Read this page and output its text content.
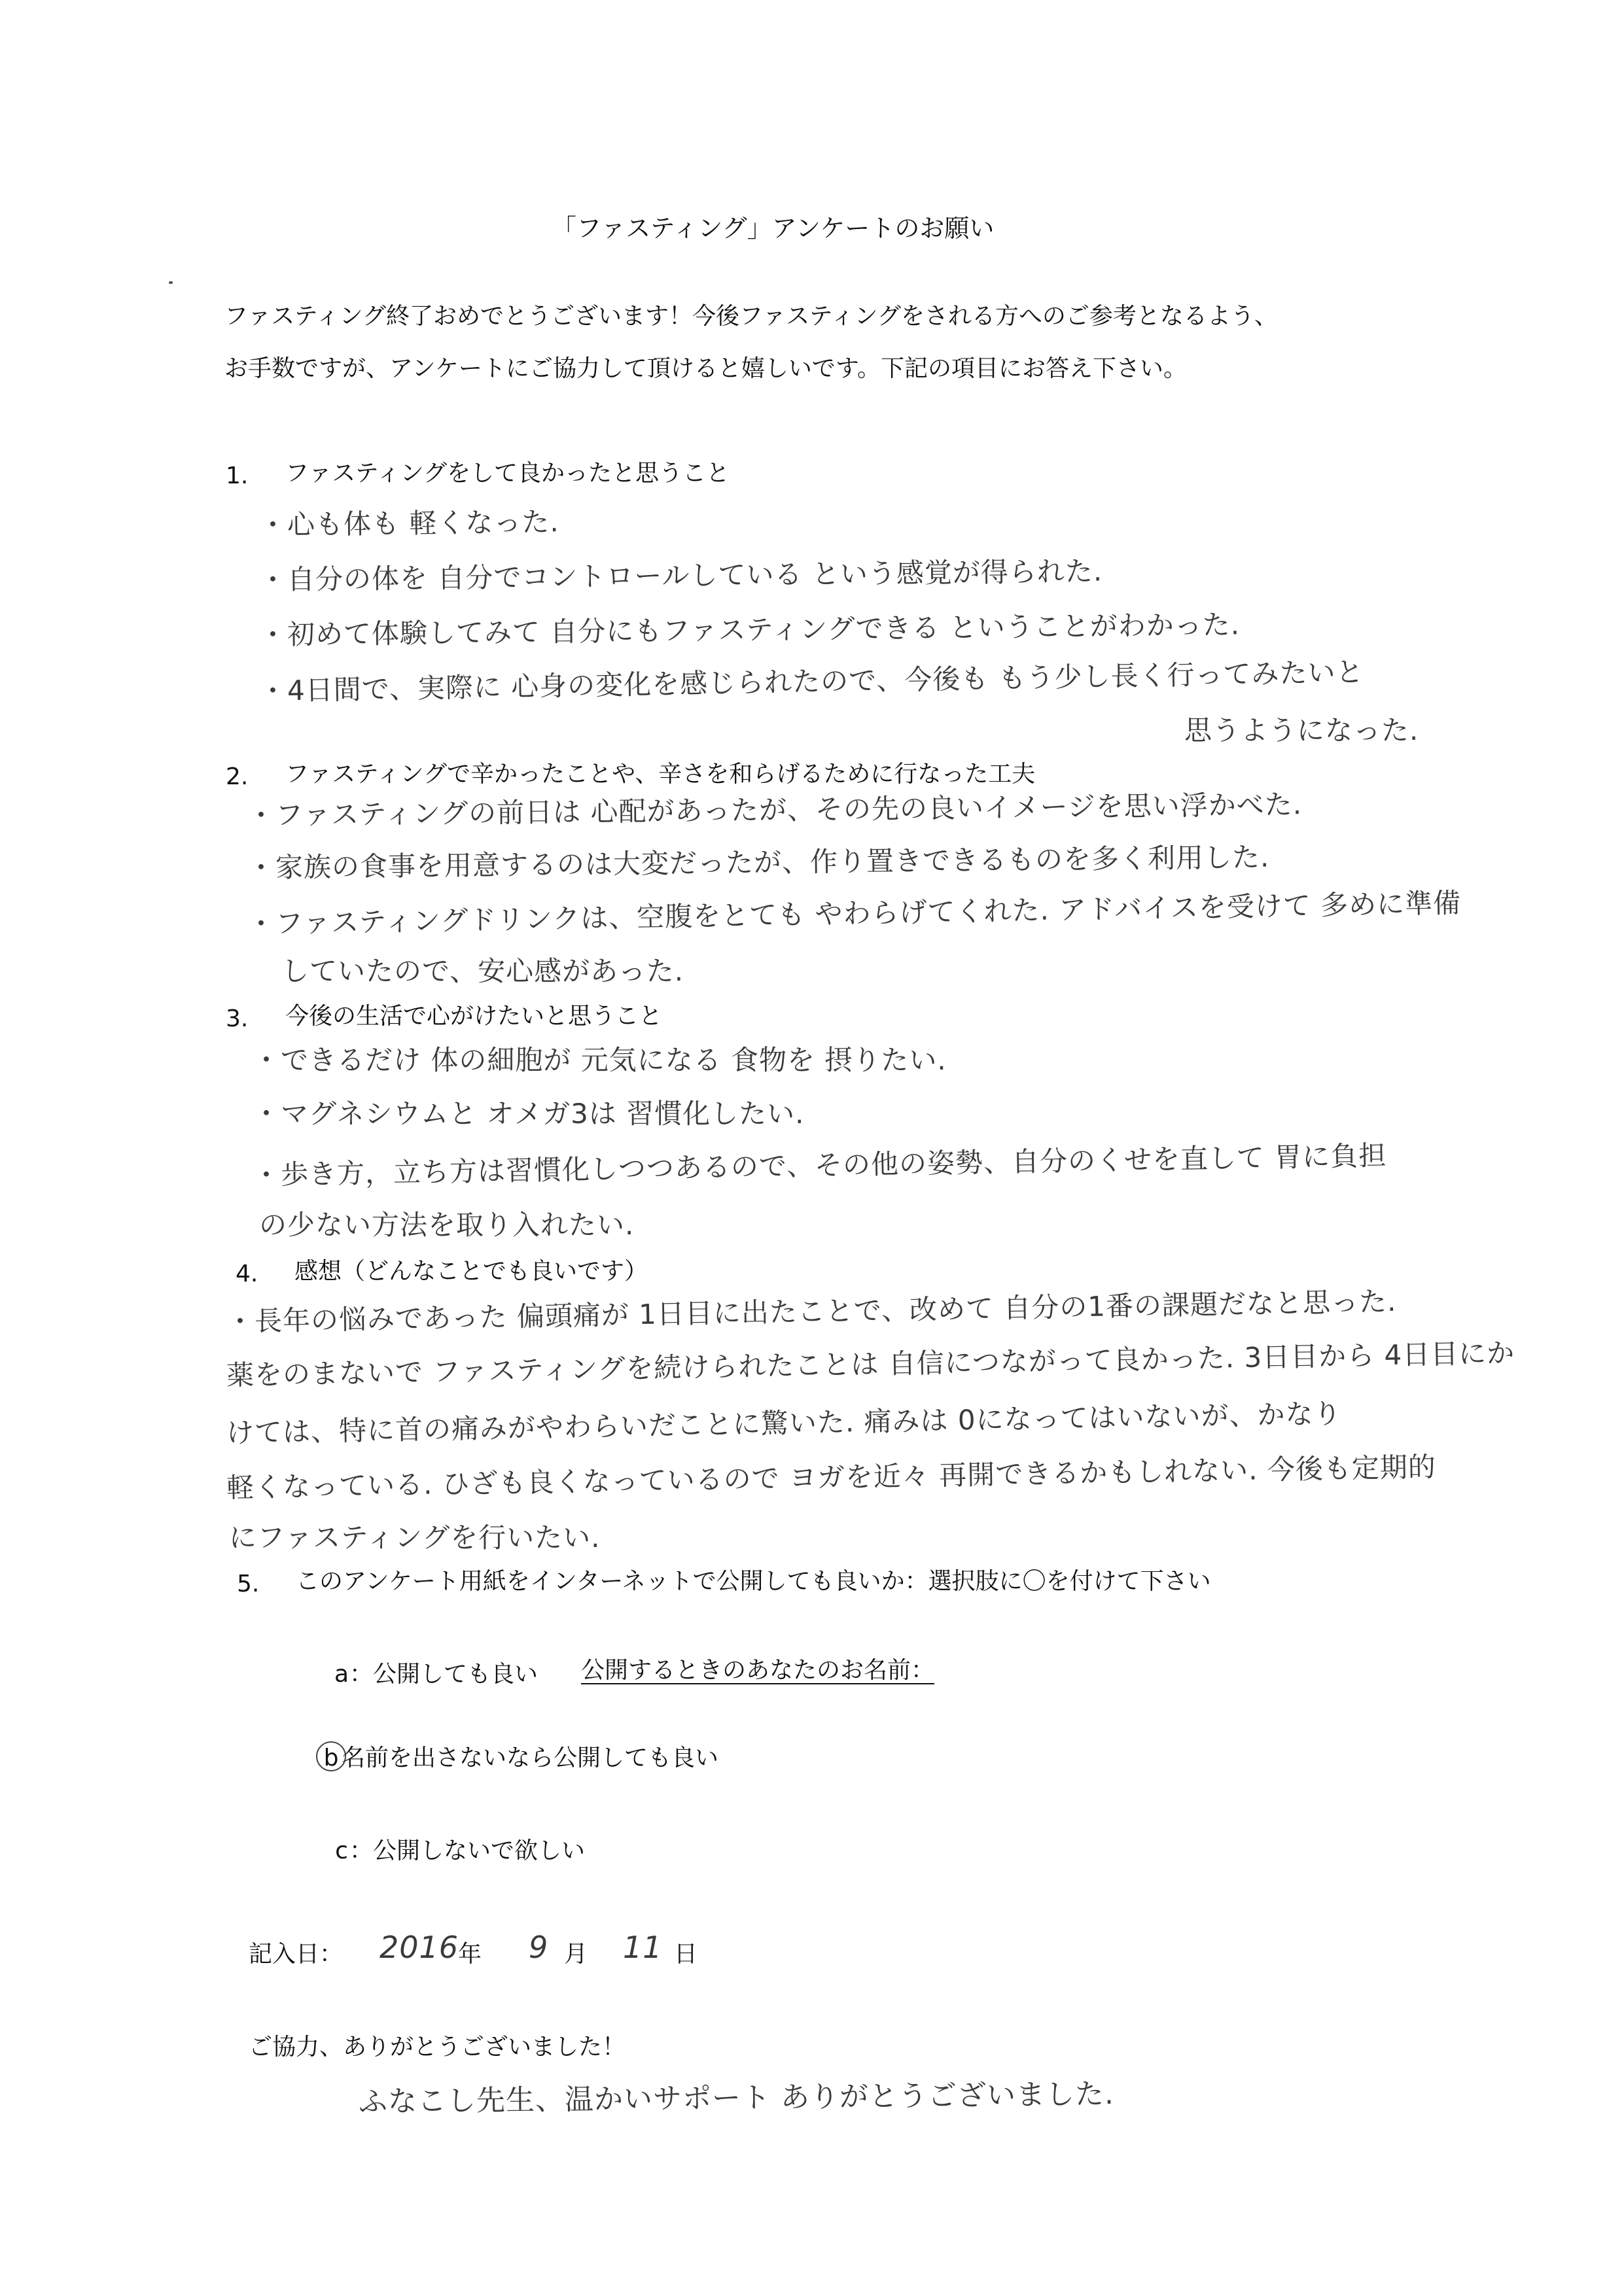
「ファスティング」アンケートのお願い
ファスティング終了おめでとうございます！今後ファスティングをされる方へのご参考となるよう、
お手数ですが、アンケートにご協力して頂けると嬉しいです。下記の項目にお答え下さい。
1. ファスティングをして良かったと思うこと
・心も体も 軽くなった.
・自分の体を 自分でコントロールしている という感覚が得られた.
・初めて体験してみて 自分にもファスティングできる ということがわかった.
・4日間で、実際に 心身の変化を感じられたので、今後も もう少し長く行ってみたいと
思うようになった.
2. ファスティングで辛かったことや、辛さを和らげるために行なった工夫
・ファスティングの前日は 心配があったが、その先の良いイメージを思い浮かべた.
・家族の食事を用意するのは大変だったが、作り置きできるものを多く利用した.
・ファスティングドリンクは、空腹をとても やわらげてくれた. アドバイスを受けて 多めに準備
していたので、安心感があった.
3. 今後の生活で心がけたいと思うこと
・できるだけ 体の細胞が 元気になる 食物を 摂りたい.
・マグネシウムと オメガ3は 習慣化したい.
・歩き方，立ち方は習慣化しつつあるので、その他の姿勢、自分のくせを直して 胃に負担
の少ない方法を取り入れたい.
4. 感想（どんなことでも良いです）
・長年の悩みであった 偏頭痛が 1日目に出たことで、改めて 自分の1番の課題だなと思った.
薬をのまないで ファスティングを続けられたことは 自信につながって良かった. 3日目から 4日目にか
けては、特に首の痛みがやわらいだことに驚いた. 痛みは 0になってはいないが、かなり
軽くなっている. ひざも良くなっているので ヨガを近々 再開できるかもしれない. 今後も定期的
にファスティングを行いたい.
5. このアンケート用紙をインターネットで公開しても良いか：選択肢に〇を付けて下さい
a：公開しても良い 公開するときのあなたのお名前：
b 名前を出さないなら公開しても良い
c：公開しないで欲しい
記入日： 2016
年 9 月 11 日
ご協力、ありがとうございました！
ふなこし先生、温かいサポート ありがとうございました.
